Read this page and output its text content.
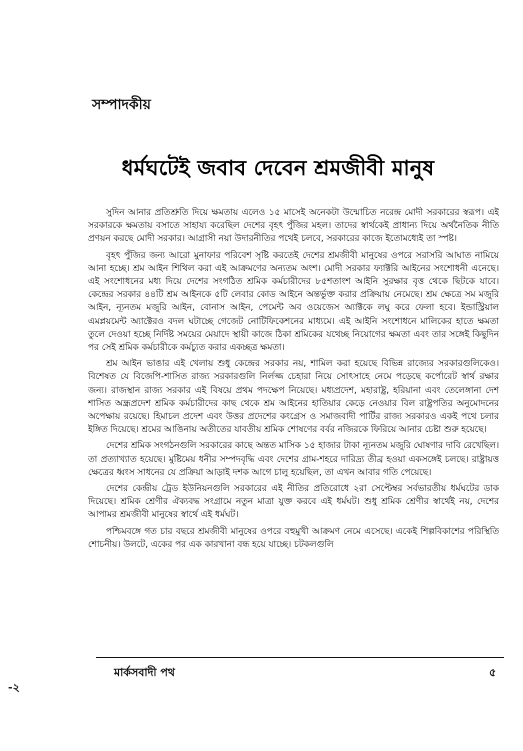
সম্পাদকীয়
ধর্মঘটেই জবাব দেবেন শ্রমজীবী মানুষ

সুদিন আনার প্রতিশ্রুতি দিয়ে ক্ষমতায় এলেও ১৫ মাসেই অনেকটা উন্মোচিত নরেন্দ্র মোদী সরকারের স্বরূপ। এই সরকারকে ক্ষমতায় বসাতে সাহায্য করেছিল দেশের বৃহৎ পুঁজির মহল। তাদের স্বার্থকেই প্রাধান্য দিয়ে অর্থনৈতিক নীতি প্রণয়ন করছে মোদী সরকার। আগ্রাসী নয়া উদারনীতির পথেই চলবে, সরকারের কাজে ইতোমধ্যেই তা স্পষ্ট।

বৃহৎ পুঁজির জন্য আরো মুনাফার পরিবেশ সৃষ্টি করতেই দেশের শ্রমজীবী মানুষের ওপরে সরাসরি আঘাত নামিয়ে আনা হচ্ছে। শ্রম আইন শিথিল করা এই আক্রমণের অন্যতম অংশ। মোদী সরকার ফ্যাক্টরি আইনের সংশোধনী এনেছে। এই সংশোধনের মধ্য দিয়ে দেশের সংগঠিত শ্রমিক কর্মচারীদের ৮৫শতাংশ আইনি সুরক্ষার বৃত্ত থেকে ছিটকে যাবে। কেন্দ্রের সরকার ৪৪টি শ্রম আইনকে ৫টি লেবার কোড আইনে অন্তর্ভুক্ত করার প্রক্রিয়ায় নেমেছে। শ্রম ক্ষেত্রে সম মজুরি আইন, ন্যূনতম মজুরি আইন, বোনাস আইন, পেমেন্ট অব ওয়েজেস অ্যাক্টকে লঘু করে ফেলা হবে। ইন্ডাস্ট্রিয়াল এমপ্লয়মেন্ট অ্যাক্টেরও বদল ঘটাচ্ছে গেজেট নোটিফিকেশনের মাধ্যমে। এই আইনি সংশোধনে মালিকের হাতে ক্ষমতা তুলে দেওয়া হচ্ছে নির্দিষ্ট সময়ের মেয়াদে স্থায়ী কাজে ঠিকা শ্রমিকের যথেচ্ছ নিয়োগের ক্ষমতা এবং তার সঙ্গেই কিছুদিন পর সেই শ্রমিক কর্মচারীকে কর্মচ্যুত করার একচ্ছত্র ক্ষমতা।

শ্রম আইন ভাঙার এই খেলায় শুধু কেন্দ্রের সরকার নয়, শামিল করা হয়েছে বিভিন্ন রাজ্যের সরকারগুলিকেও। বিশেষত যে বিজেপি-শাসিত রাজ্য সরকারগুলি নির্লজ্জ চেহারা নিয়ে সোৎসাহে নেমে পড়েছে কর্পোরেট স্বার্থ রক্ষার জন্য। রাজস্থান রাজ্য সরকার এই বিষয়ে প্রথম পদক্ষেপ নিয়েছে। মধ্যপ্রদেশ, মহারাষ্ট্র, হরিয়ানা এবং তেলেঙ্গানা দেশ শাসিত অন্ধ্রপ্রদেশ শ্রমিক কর্মচারীদের কাছ থেকে শ্রম আইনের হাতিয়ার কেড়ে নেওয়ার বিল রাষ্ট্রপতির অনুমোদনের অপেক্ষায় রয়েছে। হিমাচল প্রদেশ এবং উত্তর প্রদেশের কংগ্রেস ও সমাজবাদী পার্টির রাজ্য সরকারও একই পথে চলার ইঙ্গিত দিয়েছে। শ্রমের আঙিনায় অতীতের যাবতীয় শ্রমিক শোষণের বর্বর নজিরকে ফিরিয়ে আনার চেষ্টা শুরু হয়েছে।

দেশের শ্রমিক সংগঠনগুলি সরকারের কাছে অন্তত মাসিক ১৫ হাজার টাকা ন্যূনতম মজুরি ঘোষণার দাবি রেখেছিল। তা প্রত্যাখ্যাত হয়েছে। মুষ্টিমেয় ধনীর সম্পদবৃদ্ধি এবং দেশের গ্রাম-শহরে দারিদ্র্য তীব্র হওয়া একসঙ্গেই চলছে। রাষ্ট্রায়ত্ত ক্ষেত্রের ধ্বংস সাধনের যে প্রক্রিয়া আড়াই দশক আগে চালু হয়েছিল, তা এখন আবার গতি পেয়েছে।

দেশের কেন্দ্রীয় ট্রেড ইউনিয়নগুলি সরকারের এই নীতির প্রতিরোধে ২রা সেপ্টেম্বর সর্বভারতীয় ধর্মঘটের ডাক দিয়েছে। শ্রমিক শ্রেণীর ঐক্যবদ্ধ সংগ্রামে নতুন মাত্রা যুক্ত করবে এই ধর্মঘট। শুধু শ্রমিক শ্রেণীর স্বার্থেই নয়, দেশের আপামর শ্রমজীবী মানুষের স্বার্থে এই ধর্মঘট।

পশ্চিমবঙ্গে গত চার বছরে শ্রমজীবী মানুষের ওপরে বহুমুখী আক্রমণ নেমে এসেছে। একেই শিল্পবিকাশের পরিস্থিতি শোচনীয়। উলটে, একের পর এক কারখানা বন্ধ হয়ে যাচ্ছে। চটকলগুলি

মার্কসবাদী পথ	৫
-২
